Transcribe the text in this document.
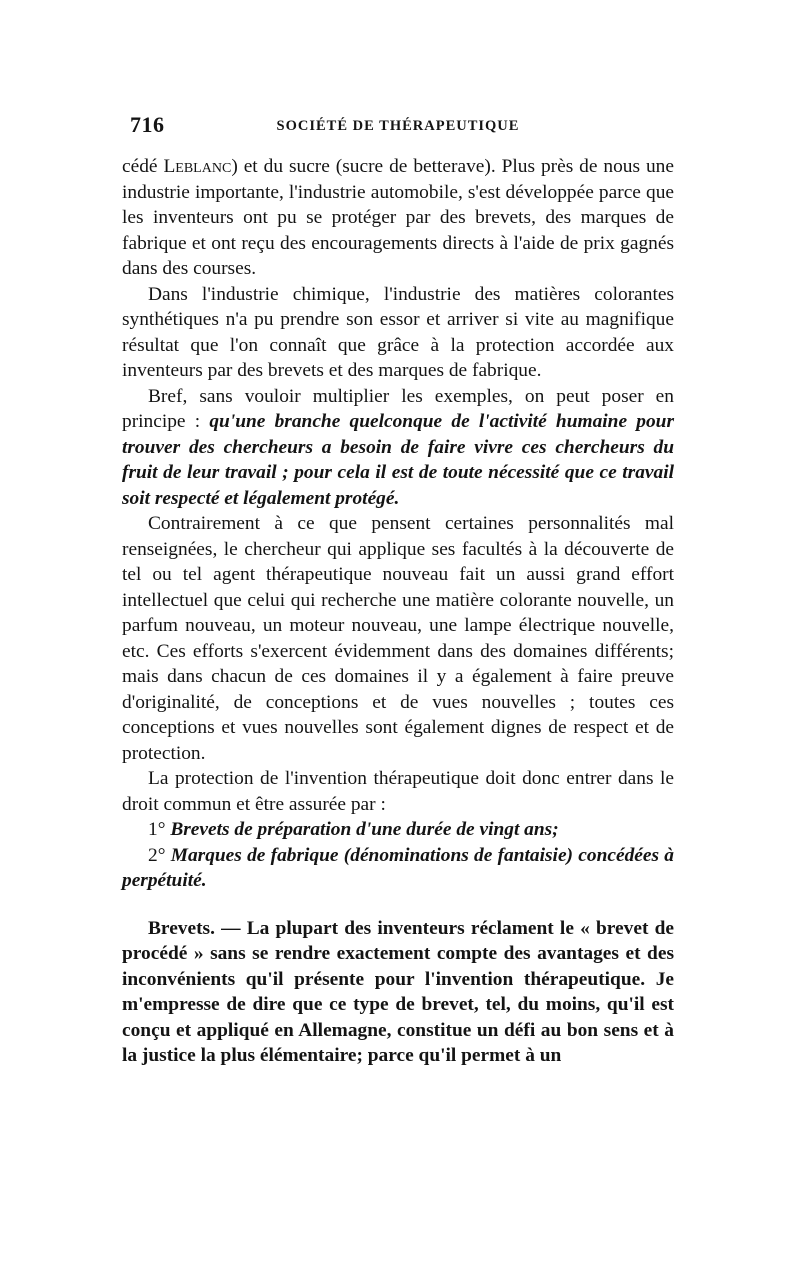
716	SOCIÉTÉ DE THÉRAPEUTIQUE

cédé Leblanc) et du sucre (sucre de betterave). Plus près de nous une industrie importante, l'industrie automobile, s'est développée parce que les inventeurs ont pu se protéger par des brevets, des marques de fabrique et ont reçu des encouragements directs à l'aide de prix gagnés dans des courses.

Dans l'industrie chimique, l'industrie des matières colorantes synthétiques n'a pu prendre son essor et arriver si vite au magnifique résultat que l'on connaît que grâce à la protection accordée aux inventeurs par des brevets et des marques de fabrique.

Bref, sans vouloir multiplier les exemples, on peut poser en principe : qu'une branche quelconque de l'activité humaine pour trouver des chercheurs a besoin de faire vivre ces chercheurs du fruit de leur travail ; pour cela il est de toute nécessité que ce travail soit respecté et légalement protégé.

Contrairement à ce que pensent certaines personnalités mal renseignées, le chercheur qui applique ses facultés à la découverte de tel ou tel agent thérapeutique nouveau fait un aussi grand effort intellectuel que celui qui recherche une matière colorante nouvelle, un parfum nouveau, un moteur nouveau, une lampe électrique nouvelle, etc. Ces efforts s'exercent évidemment dans des domaines différents; mais dans chacun de ces domaines il y a également à faire preuve d'originalité, de conceptions et de vues nouvelles ; toutes ces conceptions et vues nouvelles sont également dignes de respect et de protection.

La protection de l'invention thérapeutique doit donc entrer dans le droit commun et être assurée par :

1° Brevets de préparation d'une durée de vingt ans;

2° Marques de fabrique (dénominations de fantaisie) concédées à perpétuité.

Brevets. — La plupart des inventeurs réclament le « brevet de procédé » sans se rendre exactement compte des avantages et des inconvénients qu'il présente pour l'invention thérapeutique. Je m'empresse de dire que ce type de brevet, tel, du moins, qu'il est conçu et appliqué en Allemagne, constitue un défi au bon sens et à la justice la plus élémentaire; parce qu'il permet à un
